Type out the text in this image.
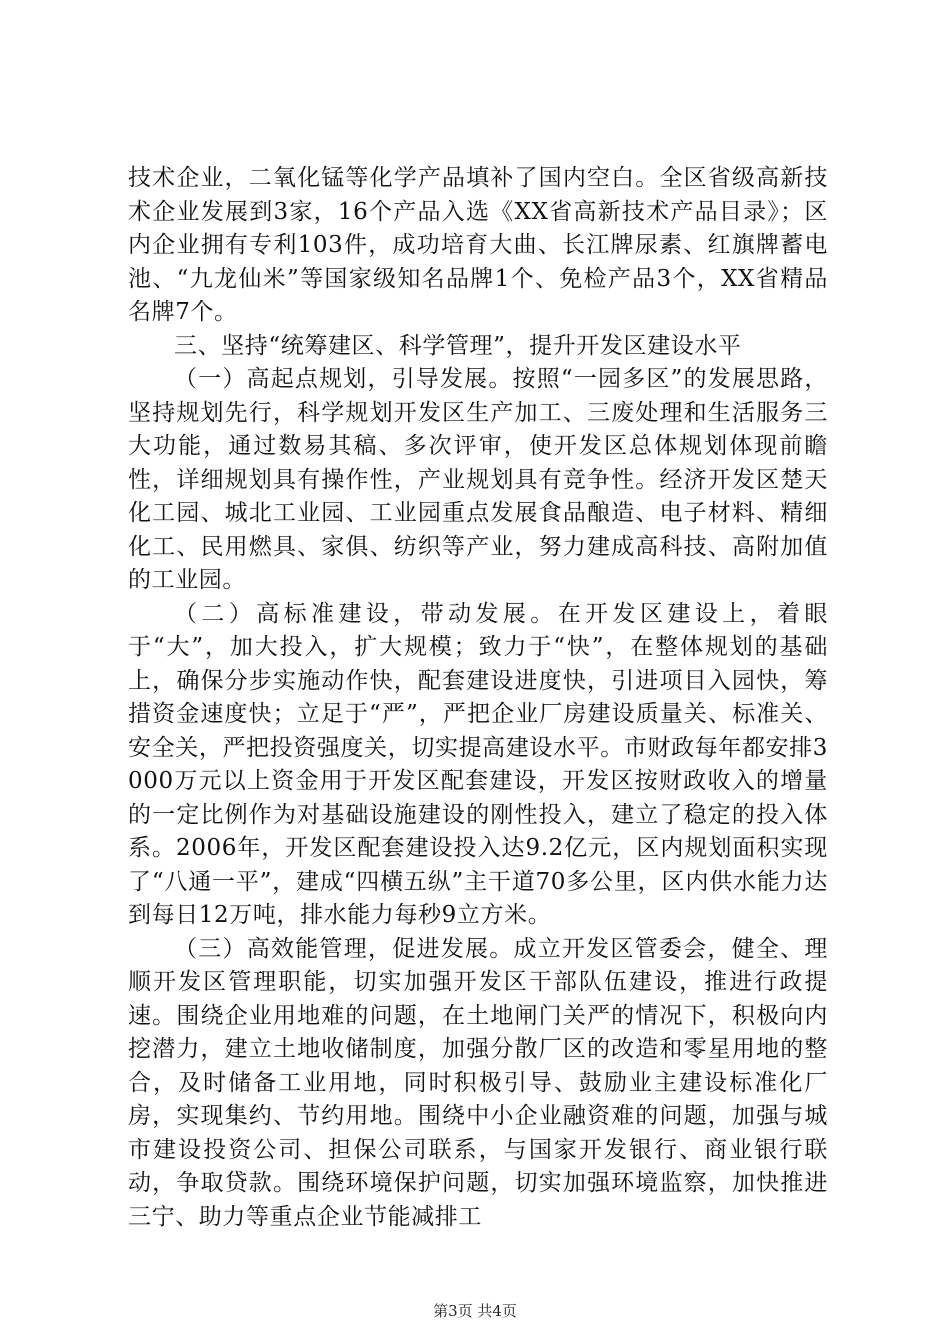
技术企业，二氧化锰等化学产品填补了国内空白。全区省级高新技术企业发展到3家，16个产品入选《XX省高新技术产品目录》；区内企业拥有专利103件，成功培育大曲、长江牌尿素、红旗牌蓄电池、“九龙仙米”等国家级知名品牌1个、免检产品3个，XX省精品名牌7个。

三、坚持“统筹建区、科学管理”，提升开发区建设水平

（一）高起点规划，引导发展。按照“一园多区”的发展思路，坚持规划先行，科学规划开发区生产加工、三废处理和生活服务三大功能，通过数易其稿、多次评审，使开发区总体规划体现前瞻性，详细规划具有操作性，产业规划具有竞争性。经济开发区楚天化工园、城北工业园、工业园重点发展食品酿造、电子材料、精细化工、民用燃具、家俱、纺织等产业，努力建成高科技、高附加值的工业园。

（二）高标准建设，带动发展。在开发区建设上，着眼于“大”，加大投入，扩大规模；致力于“快”，在整体规划的基础上，确保分步实施动作快，配套建设进度快，引进项目入园快，筹措资金速度快；立足于“严”，严把企业厂房建设质量关、标准关、安全关，严把投资强度关，切实提高建设水平。市财政每年都安排3000万元以上资金用于开发区配套建设，开发区按财政收入的增量的一定比例作为对基础设施建设的刚性投入，建立了稳定的投入体系。2006年，开发区配套建设投入达9.2亿元，区内规划面积实现了“八通一平”，建成“四横五纵”主干道70多公里，区内供水能力达到每日12万吨，排水能力每秒9立方米。

（三）高效能管理，促进发展。成立开发区管委会，健全、理顺开发区管理职能，切实加强开发区干部队伍建设，推进行政提速。围绕企业用地难的问题，在土地闸门关严的情况下，积极向内挖潜力，建立土地收储制度，加强分散厂区的改造和零星用地的整合，及时储备工业用地，同时积极引导、鼓励业主建设标准化厂房，实现集约、节约用地。围绕中小企业融资难的问题，加强与城市建设投资公司、担保公司联系，与国家开发银行、商业银行联动，争取贷款。围绕环境保护问题，切实加强环境监察，加快推进三宁、助力等重点企业节能减排工

第3页 共4页
